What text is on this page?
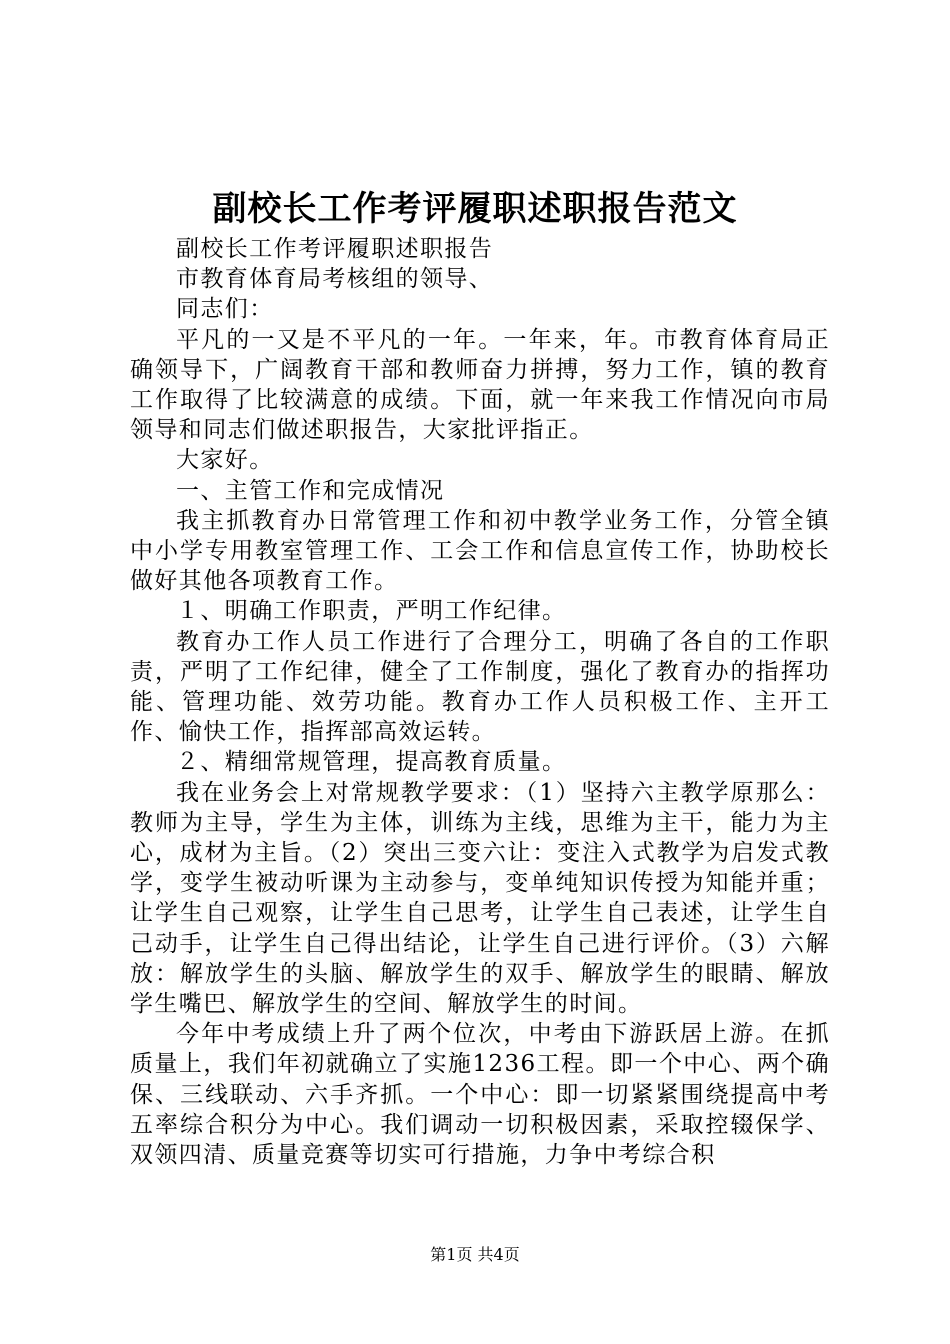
副校长工作考评履职述职报告范文

副校长工作考评履职述职报告

市教育体育局考核组的领导、

同志们：

平凡的一又是不平凡的一年。一年来，年。市教育体育局正确领导下，广阔教育干部和教师奋力拼搏，努力工作，镇的教育工作取得了比较满意的成绩。下面，就一年来我工作情况向市局领导和同志们做述职报告，大家批评指正。

大家好。

一、主管工作和完成情况

我主抓教育办日常管理工作和初中教学业务工作，分管全镇中小学专用教室管理工作、工会工作和信息宣传工作，协助校长做好其他各项教育工作。

１、明确工作职责，严明工作纪律。

教育办工作人员工作进行了合理分工，明确了各自的工作职责，严明了工作纪律，健全了工作制度，强化了教育办的指挥功能、管理功能、效劳功能。教育办工作人员积极工作、主开工作、愉快工作，指挥部高效运转。

２、精细常规管理，提高教育质量。

我在业务会上对常规教学要求：（1）坚持六主教学原那么：教师为主导，学生为主体，训练为主线，思维为主干，能力为主心，成材为主旨。（2）突出三变六让：变注入式教学为启发式教学，变学生被动听课为主动参与，变单纯知识传授为知能并重；让学生自己观察，让学生自己思考，让学生自己表述，让学生自己动手，让学生自己得出结论，让学生自己进行评价。（3）六解放：解放学生的头脑、解放学生的双手、解放学生的眼睛、解放学生嘴巴、解放学生的空间、解放学生的时间。

今年中考成绩上升了两个位次，中考由下游跃居上游。在抓质量上，我们年初就确立了实施1236工程。即一个中心、两个确保、三线联动、六手齐抓。一个中心：即一切紧紧围绕提高中考五率综合积分为中心。我们调动一切积极因素，采取控辍保学、双领四清、质量竞赛等切实可行措施，力争中考综合积

第1页 共4页
